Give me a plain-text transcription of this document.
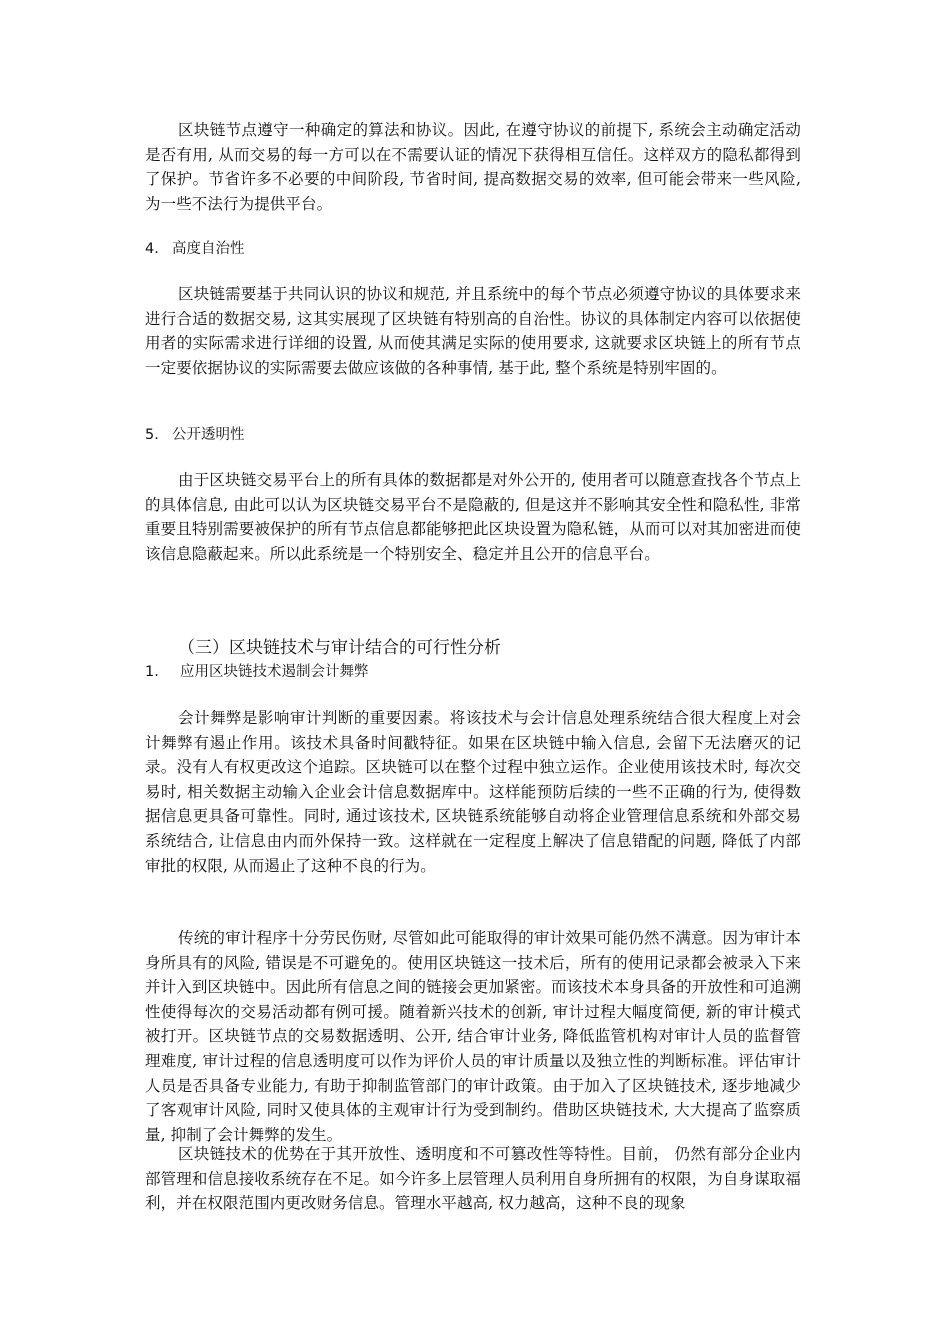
区块链节点遵守一种确定的算法和协议。因此, 在遵守协议的前提下, 系统会主动确定活动是否有用, 从而交易的每一方可以在不需要认证的情况下获得相互信任。这样双方的隐私都得到了保护。节省许多不必要的中间阶段, 节省时间, 提高数据交易的效率, 但可能会带来一些风险, 为一些不法行为提供平台。

4. 高度自治性

区块链需要基于共同认识的协议和规范, 并且系统中的每个节点必须遵守协议的具体要求来进行合适的数据交易, 这其实展现了区块链有特别高的自治性。协议的具体制定内容可以依据使用者的实际需求进行详细的设置, 从而使其满足实际的使用要求, 这就要求区块链上的所有节点一定要依据协议的实际需要去做应该做的各种事情, 基于此, 整个系统是特别牢固的。

5. 公开透明性

由于区块链交易平台上的所有具体的数据都是对外公开的, 使用者可以随意查找各个节点上的具体信息, 由此可以认为区块链交易平台不是隐蔽的, 但是这并不影响其安全性和隐私性, 非常重要且特别需要被保护的所有节点信息都能够把此区块设置为隐私链，从而可以对其加密进而使该信息隐蔽起来。所以此系统是一个特别安全、稳定并且公开的信息平台。

（三）区块链技术与审计结合的可行性分析
1. 应用区块链技术遏制会计舞弊

会计舞弊是影响审计判断的重要因素。将该技术与会计信息处理系统结合很大程度上对会计舞弊有遏止作用。该技术具备时间戳特征。如果在区块链中输入信息, 会留下无法磨灭的记录。没有人有权更改这个追踪。区块链可以在整个过程中独立运作。企业使用该技术时, 每次交易时, 相关数据主动输入企业会计信息数据库中。这样能预防后续的一些不正确的行为, 使得数据信息更具备可靠性。同时, 通过该技术, 区块链系统能够自动将企业管理信息系统和外部交易系统结合, 让信息由内而外保持一致。这样就在一定程度上解决了信息错配的问题, 降低了内部审批的权限, 从而遏止了这种不良的行为。

传统的审计程序十分劳民伤财, 尽管如此可能取得的审计效果可能仍然不满意。因为审计本身所具有的风险, 错误是不可避免的。使用区块链这一技术后，所有的使用记录都会被录入下来并计入到区块链中。因此所有信息之间的链接会更加紧密。而该技术本身具备的开放性和可追溯性使得每次的交易活动都有例可援。随着新兴技术的创新, 审计过程大幅度简便, 新的审计模式被打开。区块链节点的交易数据透明、公开, 结合审计业务, 降低监管机构对审计人员的监督管理难度, 审计过程的信息透明度可以作为评价人员的审计质量以及独立性的判断标准。评估审计人员是否具备专业能力, 有助于抑制监管部门的审计政策。由于加入了区块链技术, 逐步地减少了客观审计风险, 同时又使具体的主观审计行为受到制约。借助区块链技术, 大大提高了监察质量, 抑制了会计舞弊的发生。

区块链技术的优势在于其开放性、透明度和不可篡改性等特性。目前， 仍然有部分企业内部管理和信息接收系统存在不足。如今许多上层管理人员利用自身所拥有的权限，为自身谋取福利，并在权限范围内更改财务信息。管理水平越高, 权力越高，这种不良的现象
